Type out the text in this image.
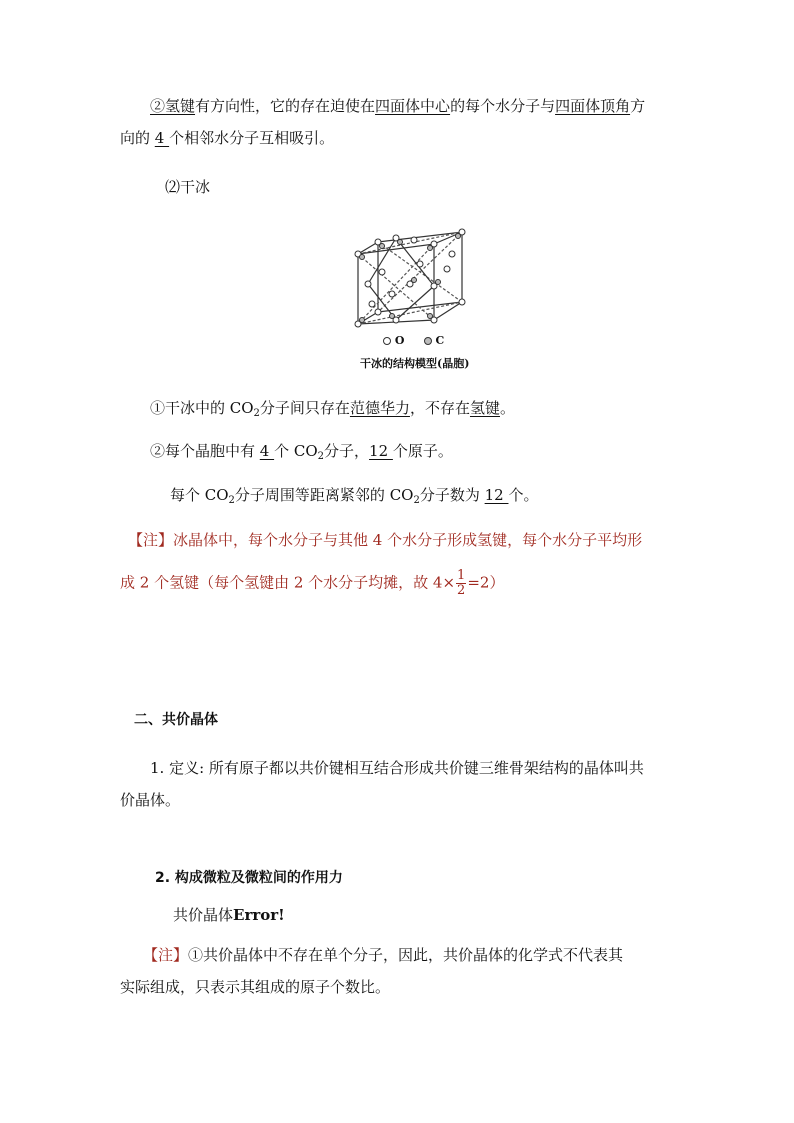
②氢键有方向性，它的存在迫使在四面体中心的每个水分子与四面体顶角方
向的 4 个相邻水分子互相吸引。
⑵干冰
O	C
干冰的结构模型(晶胞)
①干冰中的 $CO_2$分子间只存在范德华力，不存在氢键。
②每个晶胞中有 4 个 $CO_2$分子，12 个原子。
每个 $CO_2$分子周围等距离紧邻的 $CO_2$分子数为 12 个。
【注】冰晶体中，每个水分子与其他 4 个水分子形成氢键，每个水分子平均形
成 2 个氢键（每个氢键由 2 个水分子均摊，故 $4\times \frac{1}{2} =2$）
二、共价晶体
1. 定义: 所有原子都以共价键相互结合形成共价键三维骨架结构的晶体叫共
价晶体。
2. 构成微粒及微粒间的作用力
共价晶体Error!
【注】①共价晶体中不存在单个分子，因此，共价晶体的化学式不代表其
实际组成，只表示其组成的原子个数比。
